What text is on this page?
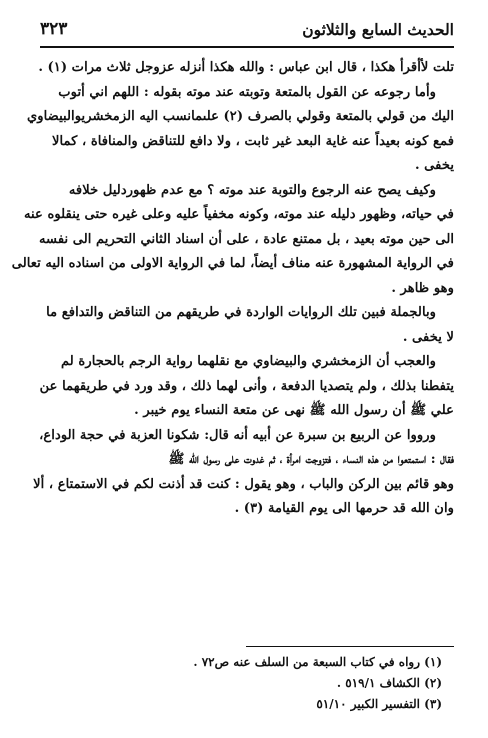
الحديث السابع والثلاثون
٣٢٣
تلت لأأقرأ هكذا ، قال ابن عباس : والله هكذا أنزله عزوجل ثلاث مرات (١) .
وأما رجوعه عن القول بالمتعة وتوبته عند موته بقوله : اللهم اني أتوب
اليك من قولي بالمتعة وقولي بالصرف (٢) علىمانسب اليه الزمخشريوالبيضاوي
فمع كونه بعيداً عنه غاية البعد غير ثابت ، ولا دافع للتناقض والمنافاة ، كمالا
يخفى .
وكيف يصح عنه الرجوع والتوبة عند موته ؟ مع عدم ظهوردليل خلافه
في حياته، وظهور دليله عند موته، وكونه مخفياً عليه وعلى غيره حتى ينقلوه عنه
الى حين موته بعيد ، بل ممتنع عادة ، على أن اسناد الثاني التحريم الى نفسه
في الرواية المشهورة عنه مناف أيضاً، لما في الرواية الاولى من اسناده اليه تعالى
وهو ظاهر .
وبالجملة فبين تلك الروايات الواردة في طريقهم من التناقض والتدافع ما
لا يخفى .
والعجب أن الزمخشري والبيضاوي مع نقلهما رواية الرجم بالحجارة لم
يتفطنا بذلك ، ولم يتصديا الدفعة ، وأنى لهما ذلك ، وقد ورد في طريقهما عن
علي ﷺ أن رسول الله ﷺ نهى عن متعة النساء يوم خيبر .
ورووا عن الربيع بن سبرة عن أبيه أنه قال: شكونا العزبة في حجة الوداع،
فقال : استمتعوا من هذه النساء ، فتزوجت امرأة ، ثم غدوت على رسول الله ﷺ
وهو قائم بين الركن والباب ، وهو يقول : كنت قد أذنت لكم في الاستمتاع ، ألا
وان الله قد حرمها الى يوم القيامة (٣) .
(١) رواه في كتاب السبعة من السلف عنه ص٧٢ .
(٢) الكشاف ٥١٩/١ .
(٣) التفسير الكبير ٥١/١٠
